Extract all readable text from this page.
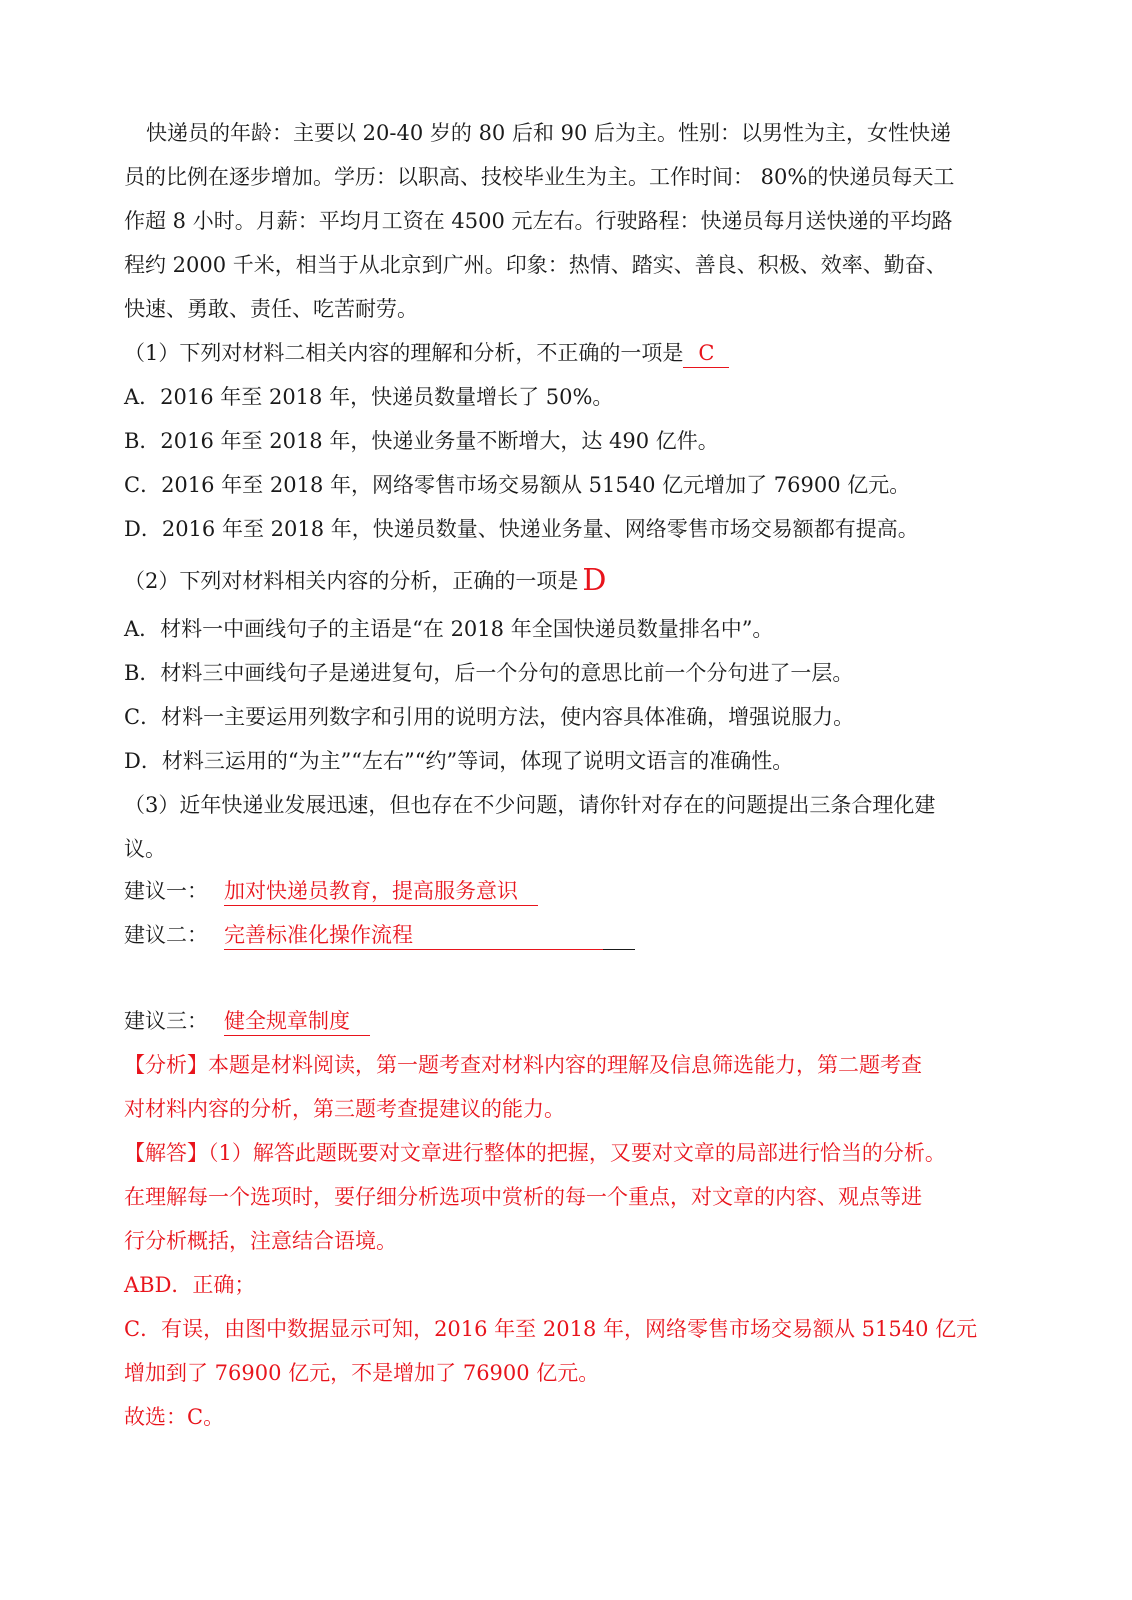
快递员的年龄：主要以 20-40 岁的 80 后和 90 后为主。性别：以男性为主，女性快递
员的比例在逐步增加。学历：以职高、技校毕业生为主。工作时间： 80%的快递员每天工
作超 8 小时。月薪：平均月工资在 4500 元左右。行驶路程：快递员每月送快递的平均路
程约 2000 千米，相当于从北京到广州。印象：热情、踏实、善良、积极、效率、勤奋、
快速、勇敢、责任、吃苦耐劳。
（1）下列对材料二相关内容的理解和分析，不正确的一项是 C
A．2016 年至 2018 年，快递员数量增长了 50%。
B．2016 年至 2018 年，快递业务量不断增大，达 490 亿件。
C．2016 年至 2018 年，网络零售市场交易额从 51540 亿元增加了 76900 亿元。
D．2016 年至 2018 年，快递员数量、快递业务量、网络零售市场交易额都有提高。
（2）下列对材料相关内容的分析，正确的一项是 D
A．材料一中画线句子的主语是“在 2018 年全国快递员数量排名中”。
B．材料三中画线句子是递进复句，后一个分句的意思比前一个分句进了一层。
C．材料一主要运用列数字和引用的说明方法，使内容具体准确，增强说服力。
D．材料三运用的“为主”“左右”“约”等词，体现了说明文语言的准确性。
（3）近年快递业发展迅速，但也存在不少问题，请你针对存在的问题提出三条合理化建
议。
建议一： 加对快递员教育，提高服务意识
建议二： 完善标准化操作流程
建议三： 健全规章制度
【分析】本题是材料阅读，第一题考查对材料内容的理解及信息筛选能力，第二题考查
对材料内容的分析，第三题考查提建议的能力。
【解答】（1）解答此题既要对文章进行整体的把握，又要对文章的局部进行恰当的分析。
在理解每一个选项时，要仔细分析选项中赏析的每一个重点，对文章的内容、观点等进
行分析概括，注意结合语境。
ABD．正确；
C．有误，由图中数据显示可知，2016 年至 2018 年，网络零售市场交易额从 51540 亿元
增加到了 76900 亿元，不是增加了 76900 亿元。
故选：C。
